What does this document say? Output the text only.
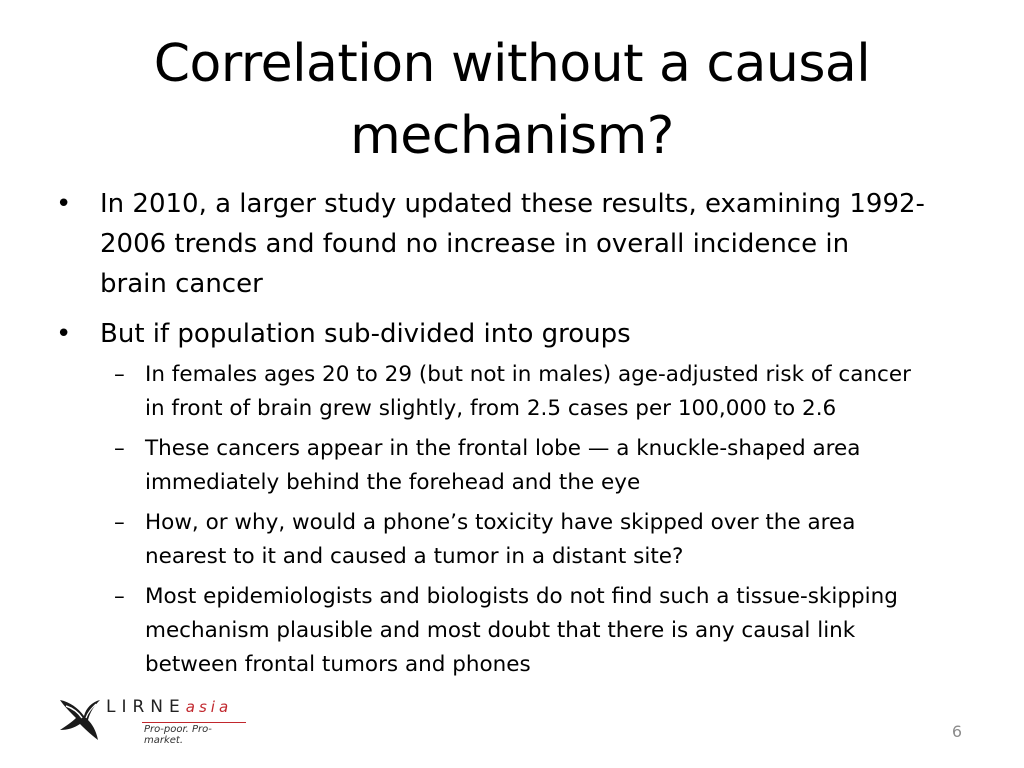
Correlation without a causal
mechanism?
•	In 2010, a larger study updated these results, examining 1992-
2006 trends and found no increase in overall incidence in
brain cancer
•	But if population sub-divided into groups
– In females ages 20 to 29 (but not in males) age-adjusted risk of cancer
in front of brain grew slightly, from 2.5 cases per 100,000 to 2.6
– These cancers appear in the frontal lobe — a knuckle-shaped area
immediately behind the forehead and the eye
– How, or why, would a phone’s toxicity have skipped over the area
nearest to it and caused a tumor in a distant site?
– Most epidemiologists and biologists do not find such a tissue-skipping
mechanism plausible and most doubt that there is any causal link
between frontal tumors and phones
LIRNEasia
Pro-poor. Pro-market.	6
